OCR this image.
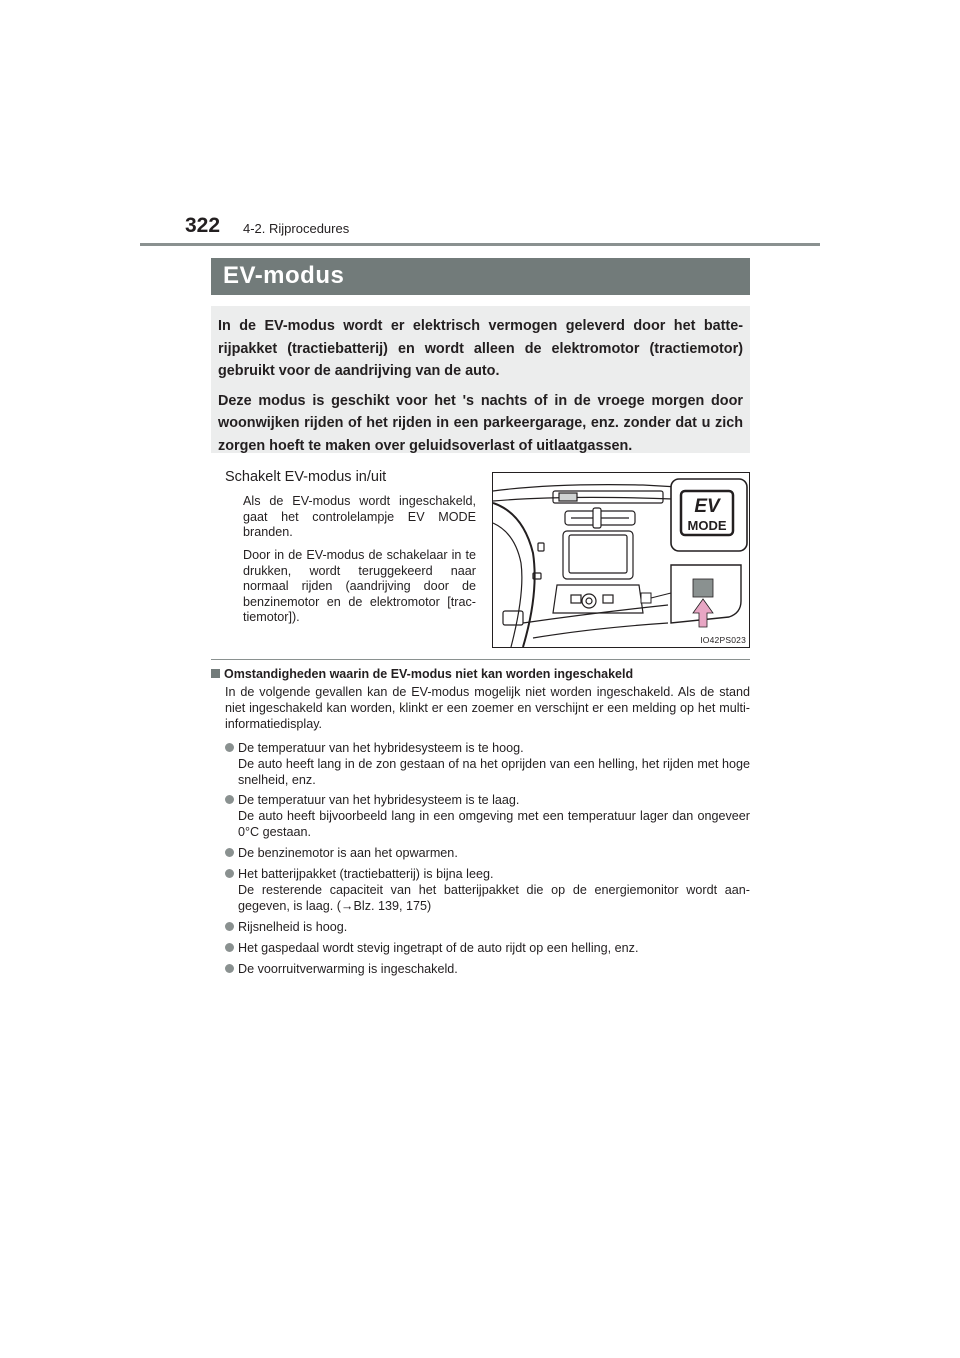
322 4-2. Rijprocedures
EV-modus

In de EV-modus wordt er elektrisch vermogen geleverd door het batte-rijpakket (tractiebatterij) en wordt alleen de elektromotor (tractiemotor) gebruikt voor de aandrijving van de auto.

Deze modus is geschikt voor het 's nachts of in de vroege morgen door woonwijken rijden of het rijden in een parkeergarage, enz. zonder dat u zich zorgen hoeft te maken over geluidsoverlast of uitlaatgassen.

Schakelt EV-modus in/uit

Als de EV-modus wordt ingeschakeld, gaat het controlelampje EV MODE branden.

Door in de EV-modus de schakelaar in te drukken, wordt teruggekeerd naar normaal rijden (aandrijving door de benzinemotor en de elektromotor [trac-tiemotor]).

EV
MODE
IO42PS023
Omstandigheden waarin de EV-modus niet kan worden ingeschakeld

In de volgende gevallen kan de EV-modus mogelijk niet worden ingeschakeld. Als de stand niet ingeschakeld kan worden, klinkt er een zoemer en verschijnt er een melding op het multi-informatiedisplay.

De temperatuur van het hybridesysteem is te hoog.
De auto heeft lang in de zon gestaan of na het oprijden van een helling, het rijden met hoge snelheid, enz.
De temperatuur van het hybridesysteem is te laag.
De auto heeft bijvoorbeeld lang in een omgeving met een temperatuur lager dan ongeveer 0°C gestaan.
De benzinemotor is aan het opwarmen.
Het batterijpakket (tractiebatterij) is bijna leeg.
De resterende capaciteit van het batterijpakket die op de energiemonitor wordt aan-gegeven, is laag. (→Blz. 139, 175)
Rijsnelheid is hoog.
Het gaspedaal wordt stevig ingetrapt of de auto rijdt op een helling, enz.
De voorruitverwarming is ingeschakeld.
